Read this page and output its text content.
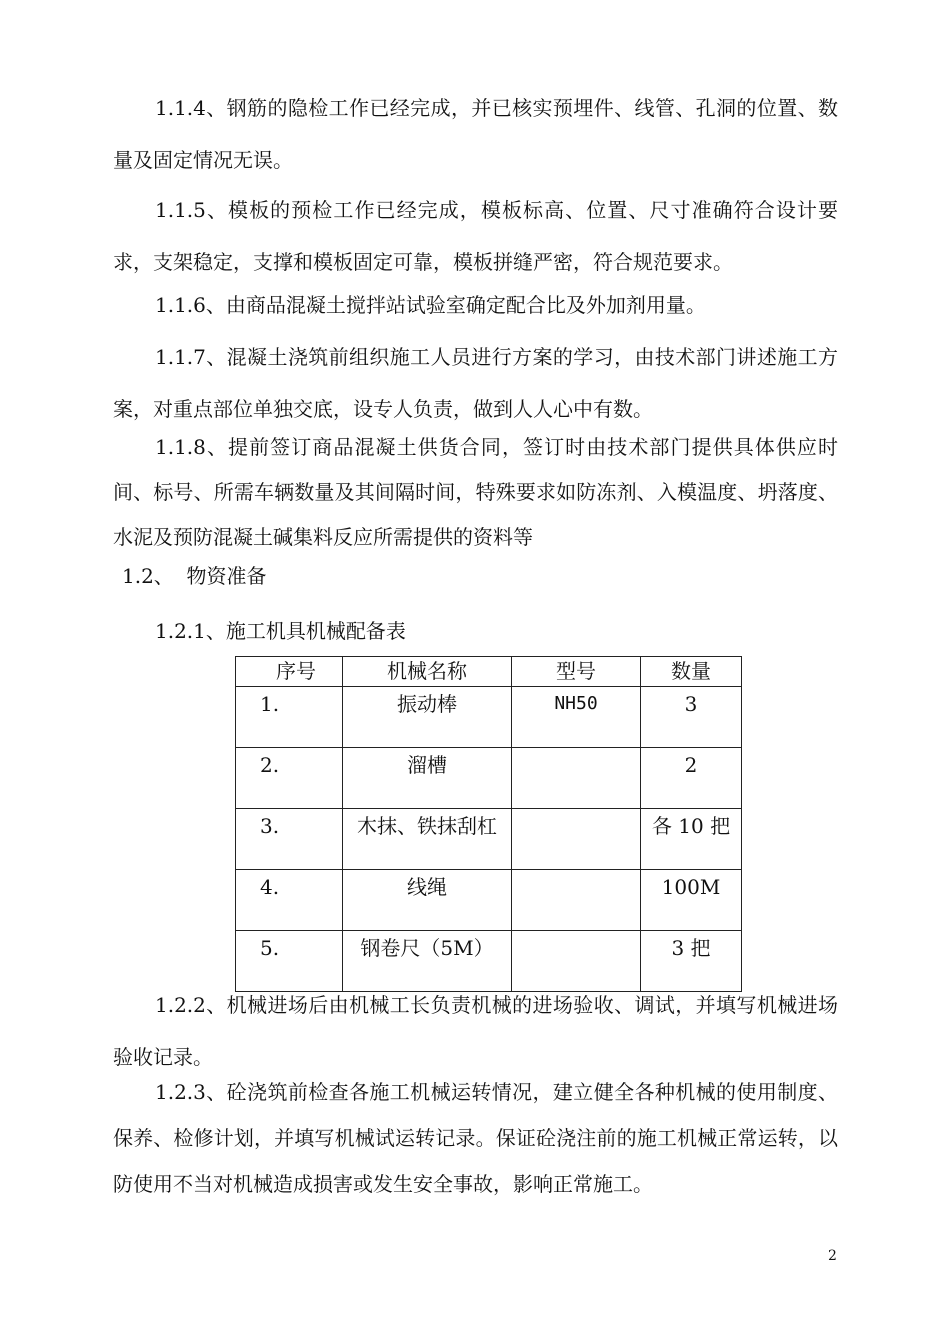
1.1.4、钢筋的隐检工作已经完成，并已核实预埋件、线管、孔洞的位置、数量及固定情况无误。

1.1.5、模板的预检工作已经完成，模板标高、位置、尺寸准确符合设计要求，支架稳定，支撑和模板固定可靠，模板拼缝严密，符合规范要求。

1.1.6、由商品混凝土搅拌站试验室确定配合比及外加剂用量。

1.1.7、混凝土浇筑前组织施工人员进行方案的学习，由技术部门讲述施工方案，对重点部位单独交底，设专人负责，做到人人心中有数。

1.1.8、提前签订商品混凝土供货合同，签订时由技术部门提供具体供应时间、标号、所需车辆数量及其间隔时间，特殊要求如防冻剂、入模温度、坍落度、水泥及预防混凝土碱集料反应所需提供的资料等

1.2、  物资准备

1.2.1、施工机具机械配备表

序号	机械名称	型号	数量
1.	振动棒	NH50	3
2.	溜槽		2
3.	木抹、铁抹刮杠		各 10 把
4.	线绳		100M
5.	钢卷尺（5M）		3 把

1.2.2、机械进场后由机械工长负责机械的进场验收、调试，并填写机械进场验收记录。

1.2.3、砼浇筑前检查各施工机械运转情况，建立健全各种机械的使用制度、保养、检修计划，并填写机械试运转记录。保证砼浇注前的施工机械正常运转，以防使用不当对机械造成损害或发生安全事故，影响正常施工。

2
